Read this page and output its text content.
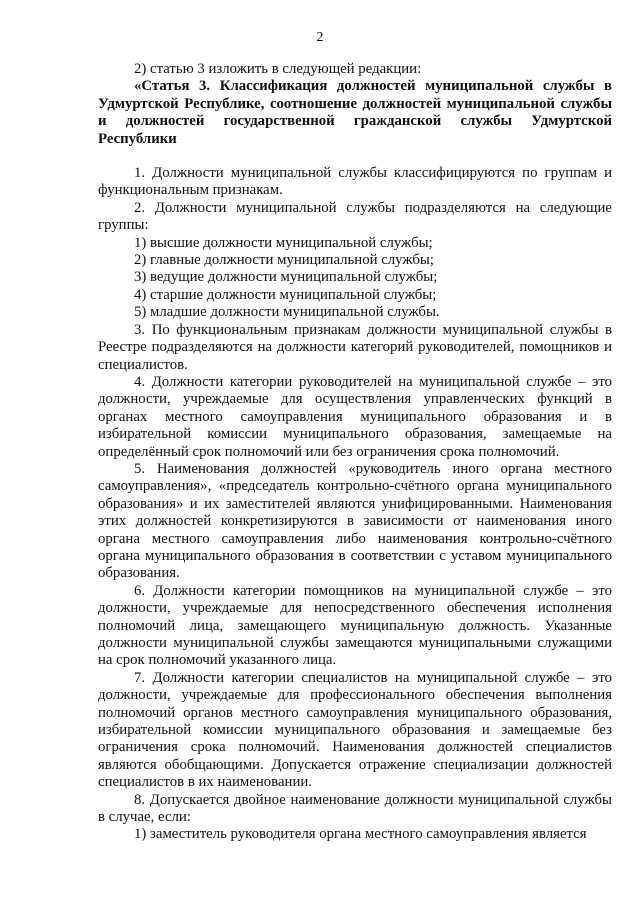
2

2) статью 3 изложить в следующей редакции:

«Статья 3. Классификация должностей муниципальной службы в Удмуртской Республике, соотношение должностей муниципальной службы и должностей государственной гражданской службы Удмуртской Республики

1. Должности муниципальной службы классифицируются по группам и функциональным признакам.

2. Должности муниципальной службы подразделяются на следующие группы:

1) высшие должности муниципальной службы;

2) главные должности муниципальной службы;

3) ведущие должности муниципальной службы;

4) старшие должности муниципальной службы;

5) младшие должности муниципальной службы.

3. По функциональным признакам должности муниципальной службы в Реестре подразделяются на должности категорий руководителей, помощников и специалистов.

4. Должности категории руководителей на муниципальной службе – это должности, учреждаемые для осуществления управленческих функций в органах местного самоуправления муниципального образования и в избирательной комиссии муниципального образования, замещаемые на определённый срок полномочий или без ограничения срока полномочий.

5. Наименования должностей «руководитель иного органа местного самоуправления», «председатель контрольно-счётного органа муниципального образования» и их заместителей являются унифицированными. Наименования этих должностей конкретизируются в зависимости от наименования иного органа местного самоуправления либо наименования контрольно-счётного органа муниципального образования в соответствии с уставом муниципального образования.

6. Должности категории помощников на муниципальной службе – это должности, учреждаемые для непосредственного обеспечения исполнения полномочий лица, замещающего муниципальную должность. Указанные должности муниципальной службы замещаются муниципальными служащими на срок полномочий указанного лица.

7. Должности категории специалистов на муниципальной службе – это должности, учреждаемые для профессионального обеспечения выполнения полномочий органов местного самоуправления муниципального образования, избирательной комиссии муниципального образования и замещаемые без ограничения срока полномочий. Наименования должностей специалистов являются обобщающими. Допускается отражение специализации должностей специалистов в их наименовании.

8. Допускается двойное наименование должности муниципальной службы в случае, если:

1) заместитель руководителя органа местного самоуправления является
